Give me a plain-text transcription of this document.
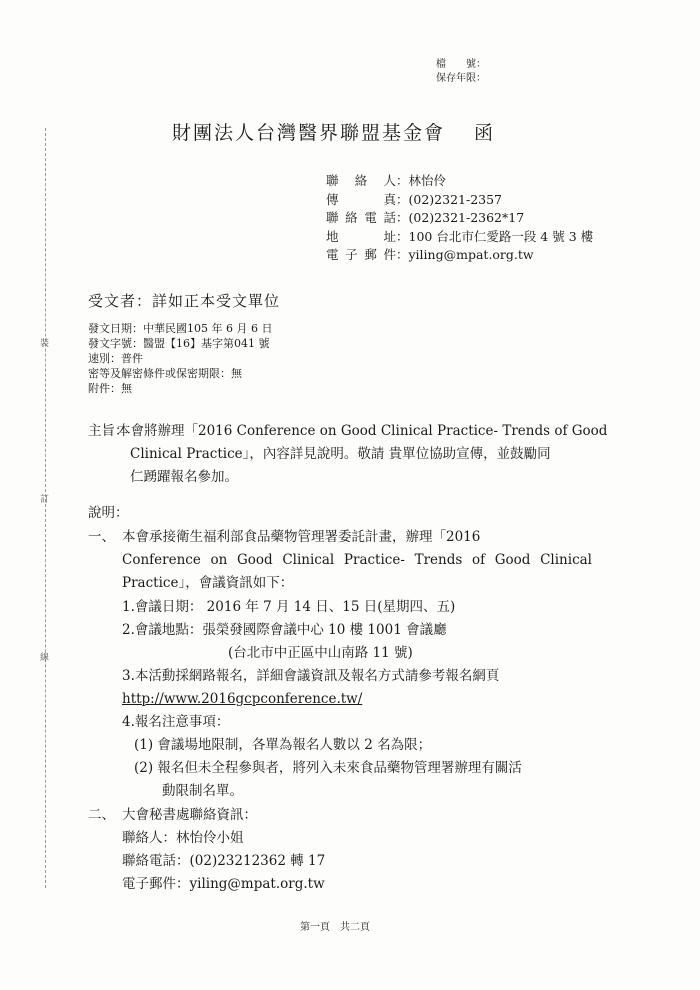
裝
訂
線
檔　　號：
保存年限：
財團法人台灣醫界聯盟基金會　 函
聯 絡 人 ：林怡伶
傳　　真 ：(02)2321-2357
聯絡電話 ：(02)2321-2362*17
地　　址 ：100 台北市仁愛路一段 4 號 3 樓
電子郵件 ：yiling@mpat.org.tw
受文者：詳如正本受文單位
發文日期：中華民國105 年 6 月 6 日
發文字號：醫盟【16】基字第041 號
速別：普件
密等及解密條件或保密期限：無
附件：無
主旨：
本會將辦理「2016 Conference on Good Clinical Practice- Trends of Good
Clinical Practice」，內容詳見說明。敬請 貴單位協助宣傳，並鼓勵同
仁踴躍報名參加。
說明：
一、 本會承接衛生福利部食品藥物管理署委託計畫，辦理「2016
Conference on Good Clinical Practice- Trends of Good Clinical
Practice」，會議資訊如下：
1.會議日期： 2016 年 7 月 14 日、15 日(星期四、五)
2.會議地點：張榮發國際會議中心 10 樓 1001 會議廳
(台北市中正區中山南路 11 號)
3.本活動採網路報名，詳細會議資訊及報名方式請參考報名網頁
http://www.2016gcpconference.tw/
4.報名注意事項：
(1) 會議場地限制，各單為報名人數以 2 名為限；
(2) 報名但未全程參與者，將列入未來食品藥物管理署辦理有關活
動限制名單。
二、 大會秘書處聯絡資訊：
聯絡人：林怡伶小姐
聯絡電話：(02)23212362 轉 17
電子郵件：yiling@mpat.org.tw
第一頁　共二頁
